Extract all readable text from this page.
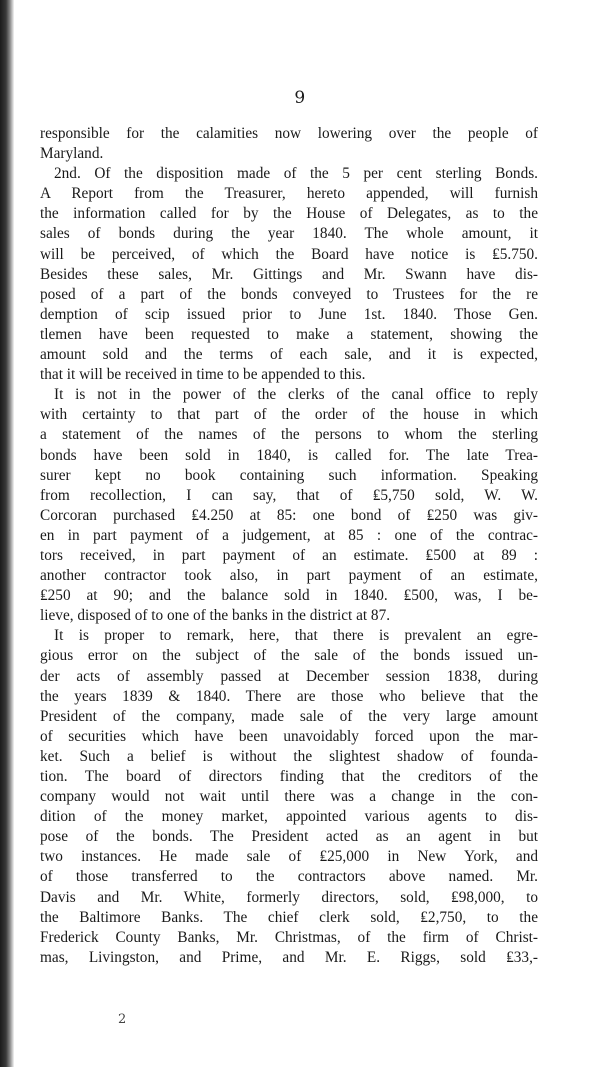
9
responsible for the calamities now lowering over the people of
Maryland.
2nd. Of the disposition made of the 5 per cent sterling Bonds.
A Report from the Treasurer, hereto appended, will furnish
the information called for by the House of Delegates, as to the
sales of bonds during the year 1840. The whole amount, it
will be perceived, of which the Board have notice is ₤5.750.
Besides these sales, Mr. Gittings and Mr. Swann have dis-
posed of a part of the bonds conveyed to Trustees for the re
demption of scip issued prior to June 1st. 1840. Those Gen.
tlemen have been requested to make a statement, showing the
amount sold and the terms of each sale, and it is expected,
that it will be received in time to be appended to this.
It is not in the power of the clerks of the canal office to reply
with certainty to that part of the order of the house in which
a statement of the names of the persons to whom the sterling
bonds have been sold in 1840, is called for. The late Trea-
surer kept no book containing such information. Speaking
from recollection, I can say, that of ₤5,750 sold, W. W.
Corcoran purchased ₤4.250 at 85: one bond of ₤250 was giv-
en in part payment of a judgement, at 85 : one of the contrac-
tors received, in part payment of an estimate. ₤500 at 89 :
another contractor took also, in part payment of an estimate,
₤250 at 90; and the balance sold in 1840. ₤500, was, I be-
lieve, disposed of to one of the banks in the district at 87.
It is proper to remark, here, that there is prevalent an egre-
gious error on the subject of the sale of the bonds issued un-
der acts of assembly passed at December session 1838, during
the years 1839 & 1840. There are those who believe that the
President of the company, made sale of the very large amount
of securities which have been unavoidably forced upon the mar-
ket. Such a belief is without the slightest shadow of founda-
tion. The board of directors finding that the creditors of the
company would not wait until there was a change in the con-
dition of the money market, appointed various agents to dis-
pose of the bonds. The President acted as an agent in but
two instances. He made sale of ₤25,000 in New York, and
of those transferred to the contractors above named. Mr.
Davis and Mr. White, formerly directors, sold, ₤98,000, to
the Baltimore Banks. The chief clerk sold, ₤2,750, to the
Frederick County Banks, Mr. Christmas, of the firm of Christ-
mas, Livingston, and Prime, and Mr. E. Riggs, sold ₤33,-
2
